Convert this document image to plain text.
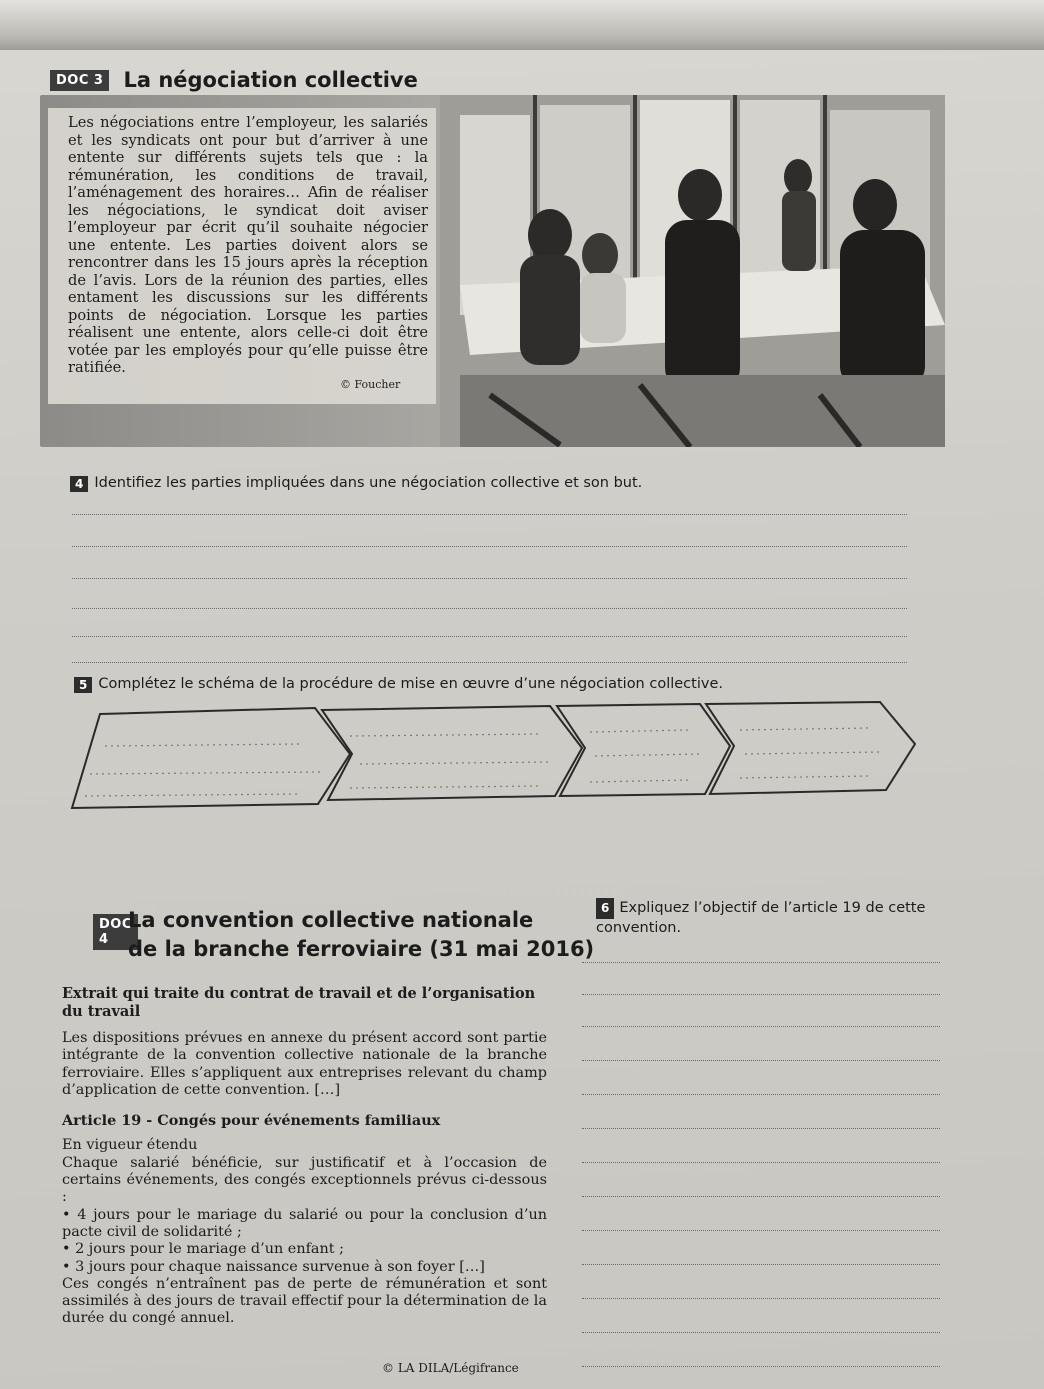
DOC 3 La négociation collective
Les négociations entre l’employeur, les salariés et les syndicats ont pour but d’arriver à une entente sur différents sujets tels que : la rémunération, les conditions de travail, l’aménagement des horaires… Afin de réaliser les négociations, le syndicat doit aviser l’employeur par écrit qu’il souhaite négocier une entente. Les parties doivent alors se rencontrer dans les 15 jours après la réception de l’avis. Lors de la réunion des parties, elles entament les discussions sur les différents points de négociation. Lorsque les parties réalisent une entente, alors celle-ci doit être votée par les employés pour qu’elle puisse être ratifiée.
© Foucher
4 Identifiez les parties impliquées dans une négociation collective et son but.
5 Complétez le schéma de la procédure de mise en œuvre d’une négociation collective.
DOC 4
La convention collective nationale
de la branche ferroviaire (31 mai 2016)
Extrait qui traite du contrat de travail et de l’organisation du travail

Les dispositions prévues en annexe du présent accord sont partie intégrante de la convention collective nationale de la branche ferroviaire. Elles s’appliquent aux entreprises relevant du champ d’application de cette convention. […]

Article 19 - Congés pour événements familiaux

En vigueur étendu

Chaque salarié bénéficie, sur justificatif et à l’occasion de certains événements, des congés exceptionnels prévus ci-dessous :

• 4 jours pour le mariage du salarié ou pour la conclusion d’un pacte civil de solidarité ;

• 2 jours pour le mariage d’un enfant ;

• 3 jours pour chaque naissance survenue à son foyer […]

Ces congés n’entraînent pas de perte de rémunération et sont assimilés à des jours de travail effectif pour la détermination de la durée du congé annuel.

© LA DILA/Légifrance
6 Expliquez l’objectif de l’article 19 de cette convention.
